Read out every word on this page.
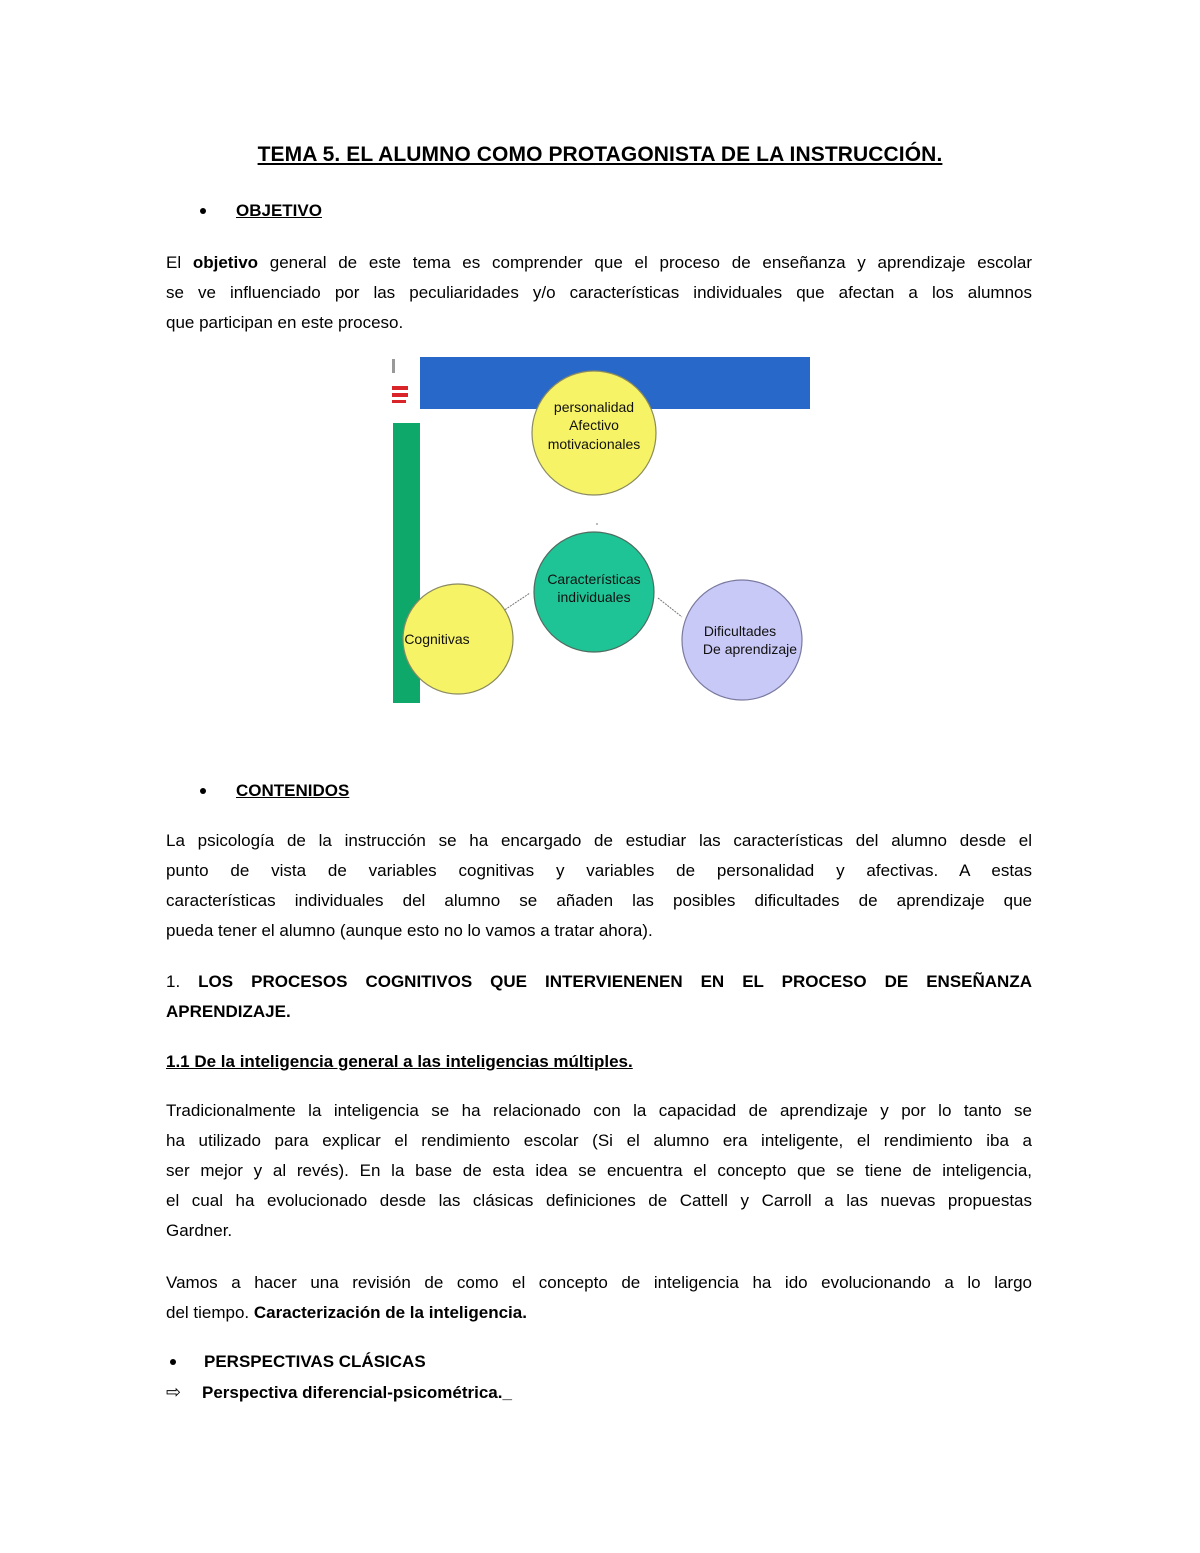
TEMA 5. EL ALUMNO COMO PROTAGONISTA DE LA INSTRUCCIÓN.
OBJETIVO
El objetivo general de este tema es comprender que el proceso de enseñanza y aprendizaje escolar
se ve influenciado por las peculiaridades y/o características individuales que afectan a los alumnos
que participan en este proceso.
personalidad
Afectivo
motivacionales
Características
individuales
Cognitivas	Dificultades
De aprendizaje
CONTENIDOS
La psicología de la instrucción se ha encargado de estudiar las características del alumno desde el
punto de vista de variables cognitivas y variables de personalidad y afectivas. A estas
características individuales del alumno se añaden las posibles dificultades de aprendizaje que
pueda tener el alumno (aunque esto no lo vamos a tratar ahora).
1. LOS PROCESOS COGNITIVOS QUE INTERVIENENEN EN EL PROCESO DE ENSEÑANZA
APRENDIZAJE.
1.1 De la inteligencia general a las inteligencias múltiples.
Tradicionalmente la inteligencia se ha relacionado con la capacidad de aprendizaje y por lo tanto se
ha utilizado para explicar el rendimiento escolar (Si el alumno era inteligente, el rendimiento iba a
ser mejor y al revés). En la base de esta idea se encuentra el concepto que se tiene de inteligencia,
el cual ha evolucionado desde las clásicas definiciones de Cattell y Carroll a las nuevas propuestas
Gardner.
Vamos a hacer una revisión de como el concepto de inteligencia ha ido evolucionando a lo largo
del tiempo. Caracterización de la inteligencia.
PERSPECTIVAS CLÁSICAS
⇨	Perspectiva diferencial-psicométrica._
